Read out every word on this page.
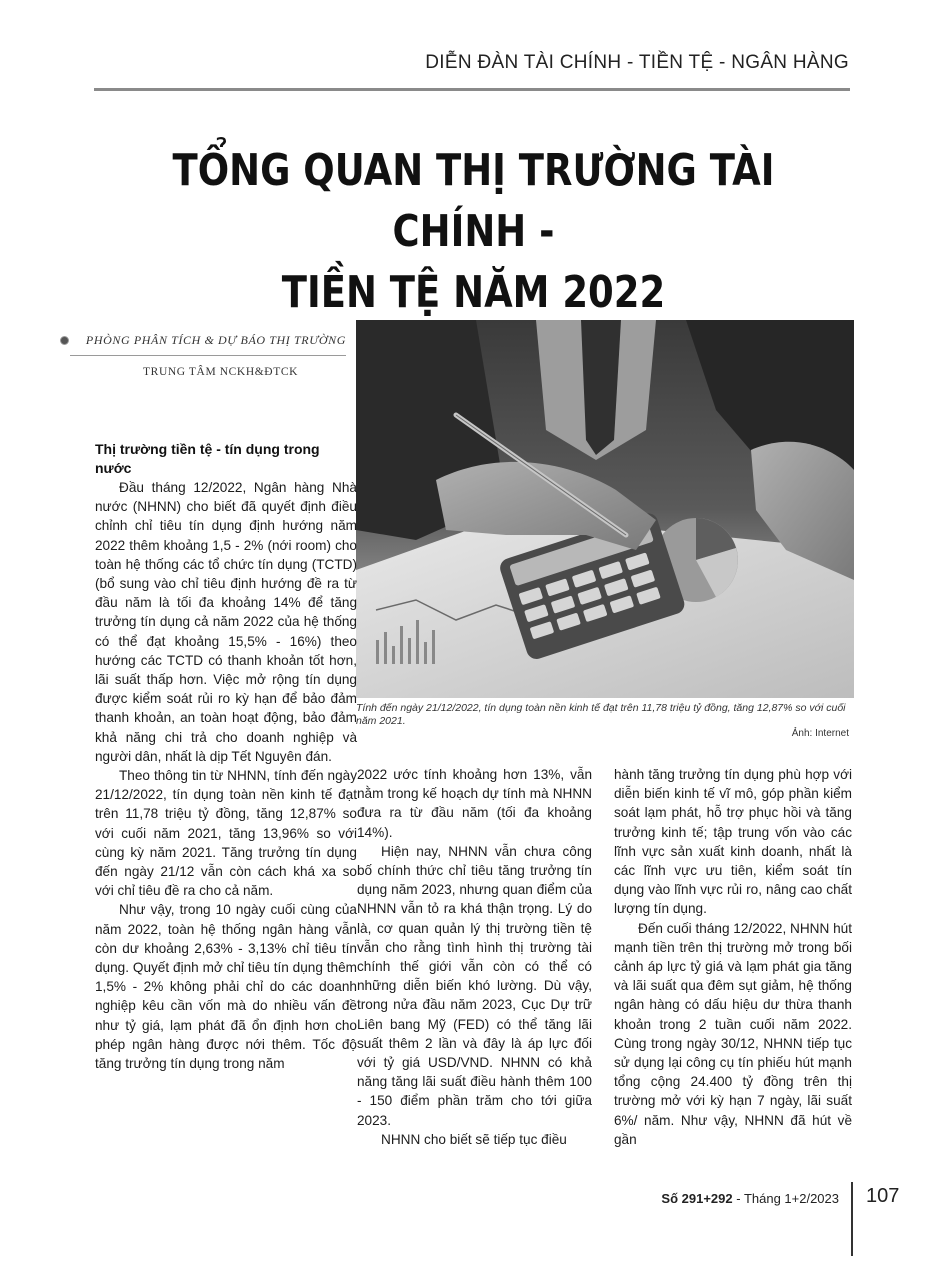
DIỄN ĐÀN TÀI CHÍNH - TIỀN TỆ - NGÂN HÀNG
TỔNG QUAN THỊ TRƯỜNG TÀI CHÍNH -
TIỀN TỆ NĂM 2022
PHÒNG PHÂN TÍCH & DỰ BÁO THỊ TRƯỜNG
TRUNG TÂM NCKH&ĐTCK

Tính đến ngày 21/12/2022, tín dụng toàn nền kinh tế đạt trên 11,78 triệu tỷ đồng, tăng 12,87% so với cuối năm 2021.

Ảnh: Internet
Thị trường tiền tệ - tín dụng trong nước

Đầu tháng 12/2022, Ngân hàng Nhà nước (NHNN) cho biết đã quyết định điều chỉnh chỉ tiêu tín dụng định hướng năm 2022 thêm khoảng 1,5 - 2% (nới room) cho toàn hệ thống các tổ chức tín dụng (TCTD) (bổ sung vào chỉ tiêu định hướng đề ra từ đầu năm là tối đa khoảng 14% để tăng trưởng tín dụng cả năm 2022 của hệ thống có thể đạt khoảng 15,5% - 16%) theo hướng các TCTD có thanh khoản tốt hơn, lãi suất thấp hơn. Việc mở rộng tín dụng được kiểm soát rủi ro kỳ hạn để bảo đảm thanh khoản, an toàn hoạt động, bảo đảm khả năng chi trả cho doanh nghiệp và người dân, nhất là dịp Tết Nguyên đán.

Theo thông tin từ NHNN, tính đến ngày 21/12/2022, tín dụng toàn nền kinh tế đạt trên 11,78 triệu tỷ đồng, tăng 12,87% so với cuối năm 2021, tăng 13,96% so với cùng kỳ năm 2021. Tăng trưởng tín dụng đến ngày 21/12 vẫn còn cách khá xa so với chỉ tiêu đề ra cho cả năm.

Như vậy, trong 10 ngày cuối cùng của năm 2022, toàn hệ thống ngân hàng vẫn còn dư khoảng 2,63% - 3,13% chỉ tiêu tín dụng. Quyết định mở chỉ tiêu tín dụng thêm 1,5% - 2% không phải chỉ do các doanh nghiệp kêu cần vốn mà do nhiều vấn đề như tỷ giá, lạm phát đã ổn định hơn cho phép ngân hàng được nới thêm. Tốc độ tăng trưởng tín dụng trong năm

2022 ước tính khoảng hơn 13%, vẫn nằm trong kế hoạch dự tính mà NHNN đưa ra từ đầu năm (tối đa khoảng 14%).

Hiện nay, NHNN vẫn chưa công bố chính thức chỉ tiêu tăng trưởng tín dụng năm 2023, nhưng quan điểm của NHNN vẫn tỏ ra khá thận trọng. Lý do là, cơ quan quản lý thị trường tiền tệ vẫn cho rằng tình hình thị trường tài chính thế giới vẫn còn có thể có những diễn biến khó lường. Dù vậy, trong nửa đầu năm 2023, Cục Dự trữ Liên bang Mỹ (FED) có thể tăng lãi suất thêm 2 lần và đây là áp lực đối với tỷ giá USD/VND. NHNN có khả năng tăng lãi suất điều hành thêm 100 - 150 điểm phần trăm cho tới giữa 2023.

NHNN cho biết sẽ tiếp tục điều

hành tăng trưởng tín dụng phù hợp với diễn biến kinh tế vĩ mô, góp phần kiểm soát lạm phát, hỗ trợ phục hồi và tăng trưởng kinh tế; tập trung vốn vào các lĩnh vực sản xuất kinh doanh, nhất là các lĩnh vực ưu tiên, kiểm soát tín dụng vào lĩnh vực rủi ro, nâng cao chất lượng tín dụng.

Đến cuối tháng 12/2022, NHNN hút mạnh tiền trên thị trường mở trong bối cảnh áp lực tỷ giá và lạm phát gia tăng và lãi suất qua đêm sụt giảm, hệ thống ngân hàng có dấu hiệu dư thừa thanh khoản trong 2 tuần cuối năm 2022. Cùng trong ngày 30/12, NHNN tiếp tục sử dụng lại công cụ tín phiếu hút mạnh tổng cộng 24.400 tỷ đồng trên thị trường mở với kỳ hạn 7 ngày, lãi suất 6%/ năm. Như vậy, NHNN đã hút về gần

Số 291+292 - Tháng 1+2/2023 107
